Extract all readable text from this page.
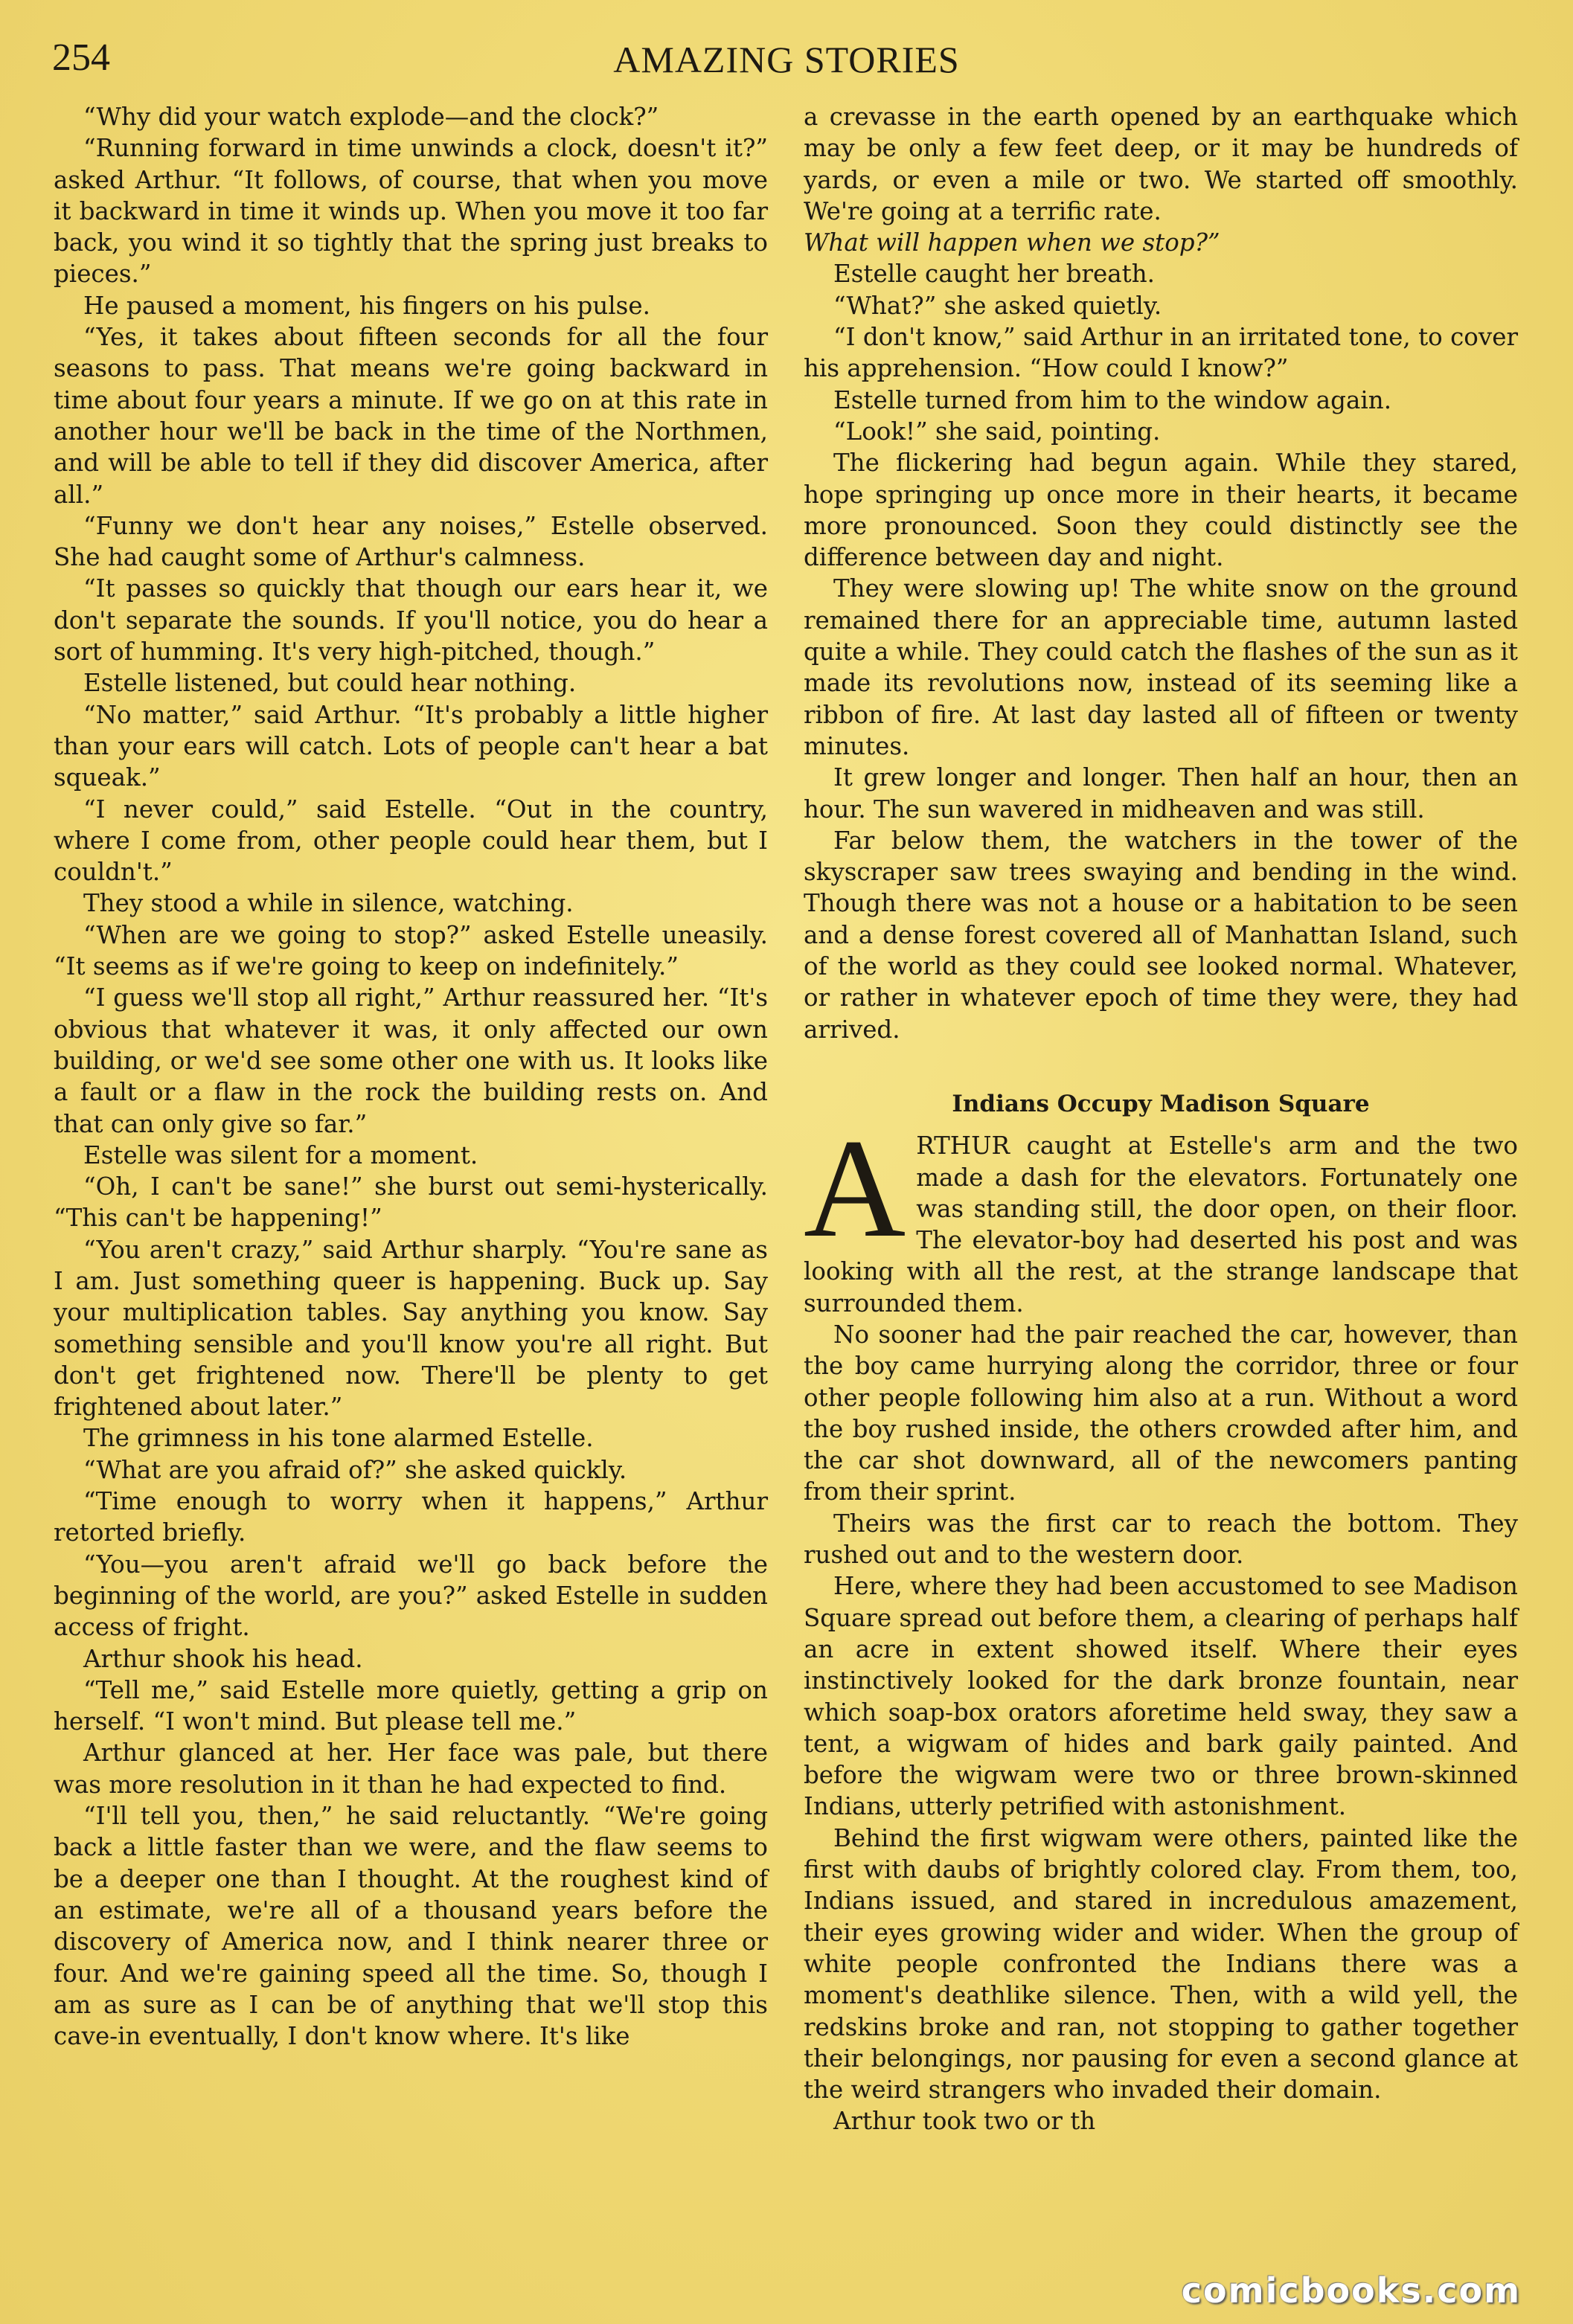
254	AMAZING STORIES

“Why did your watch explode—and the clock?”

“Running forward in time unwinds a clock, doesn't it?” asked Arthur. “It follows, of course, that when you move it backward in time it winds up. When you move it too far back, you wind it so tightly that the spring just breaks to pieces.”

He paused a moment, his fingers on his pulse.

“Yes, it takes about fifteen seconds for all the four seasons to pass. That means we're going backward in time about four years a minute. If we go on at this rate in another hour we'll be back in the time of the Northmen, and will be able to tell if they did discover America, after all.”

“Funny we don't hear any noises,” Estelle observed. She had caught some of Arthur's calmness.

“It passes so quickly that though our ears hear it, we don't separate the sounds. If you'll notice, you do hear a sort of humming. It's very high-pitched, though.”

Estelle listened, but could hear nothing.

“No matter,” said Arthur. “It's probably a little higher than your ears will catch. Lots of people can't hear a bat squeak.”

“I never could,” said Estelle. “Out in the country, where I come from, other people could hear them, but I couldn't.”

They stood a while in silence, watching.

“When are we going to stop?” asked Estelle uneasily. “It seems as if we're going to keep on indefinitely.”

“I guess we'll stop all right,” Arthur reassured her. “It's obvious that whatever it was, it only affected our own building, or we'd see some other one with us. It looks like a fault or a flaw in the rock the building rests on. And that can only give so far.”

Estelle was silent for a moment.

“Oh, I can't be sane!” she burst out semi-hysterically. “This can't be happening!”

“You aren't crazy,” said Arthur sharply. “You're sane as I am. Just something queer is happening. Buck up. Say your multiplication tables. Say anything you know. Say something sensible and you'll know you're all right. But don't get frightened now. There'll be plenty to get frightened about later.”

The grimness in his tone alarmed Estelle.

“What are you afraid of?” she asked quickly.

“Time enough to worry when it happens,” Arthur retorted briefly.

“You—you aren't afraid we'll go back before the beginning of the world, are you?” asked Estelle in sudden access of fright.

Arthur shook his head.

“Tell me,” said Estelle more quietly, getting a grip on herself. “I won't mind. But please tell me.”

Arthur glanced at her. Her face was pale, but there was more resolution in it than he had expected to find.

“I'll tell you, then,” he said reluctantly. “We're going back a little faster than we were, and the flaw seems to be a deeper one than I thought. At the roughest kind of an estimate, we're all of a thousand years before the discovery of America now, and I think nearer three or four. And we're gaining speed all the time. So, though I am as sure as I can be of anything that we'll stop this cave-in eventually, I don't know where. It's like

a crevasse in the earth opened by an earthquake which may be only a few feet deep, or it may be hundreds of yards, or even a mile or two. We started off smoothly. We're going at a terrific rate.
What will happen when we stop?”

Estelle caught her breath.

“What?” she asked quietly.

“I don't know,” said Arthur in an irritated tone, to cover his apprehension. “How could I know?”

Estelle turned from him to the window again.

“Look!” she said, pointing.

The flickering had begun again. While they stared, hope springing up once more in their hearts, it became more pronounced. Soon they could distinctly see the difference between day and night.

They were slowing up! The white snow on the ground remained there for an appreciable time, autumn lasted quite a while. They could catch the flashes of the sun as it made its revolutions now, instead of its seeming like a ribbon of fire. At last day lasted all of fifteen or twenty minutes.

It grew longer and longer. Then half an hour, then an hour. The sun wavered in midheaven and was still.

Far below them, the watchers in the tower of the skyscraper saw trees swaying and bending in the wind. Though there was not a house or a habitation to be seen and a dense forest covered all of Manhattan Island, such of the world as they could see looked normal. Whatever, or rather in whatever epoch of time they were, they had arrived.

Indians Occupy Madison Square

ARTHUR caught at Estelle's arm and the two made a dash for the elevators. Fortunately one was standing still, the door open, on their floor. The elevator-boy had deserted his post and was looking with all the rest, at the strange landscape that surrounded them.

No sooner had the pair reached the car, however, than the boy came hurrying along the corridor, three or four other people following him also at a run. Without a word the boy rushed inside, the others crowded after him, and the car shot downward, all of the newcomers panting from their sprint.

Theirs was the first car to reach the bottom. They rushed out and to the western door.

Here, where they had been accustomed to see Madison Square spread out before them, a clearing of perhaps half an acre in extent showed itself. Where their eyes instinctively looked for the dark bronze fountain, near which soap-box orators aforetime held sway, they saw a tent, a wigwam of hides and bark gaily painted. And before the wigwam were two or three brown-skinned Indians, utterly petrified with astonishment.

Behind the first wigwam were others, painted like the first with daubs of brightly colored clay. From them, too, Indians issued, and stared in incredulous amazement, their eyes growing wider and wider. When the group of white people confronted the Indians there was a moment's deathlike silence. Then, with a wild yell, the redskins broke and ran, not stopping to gather together their belongings, nor pausing for even a second glance at the weird strangers who invaded their domain.

Arthur took two or th

comicbooks.com
